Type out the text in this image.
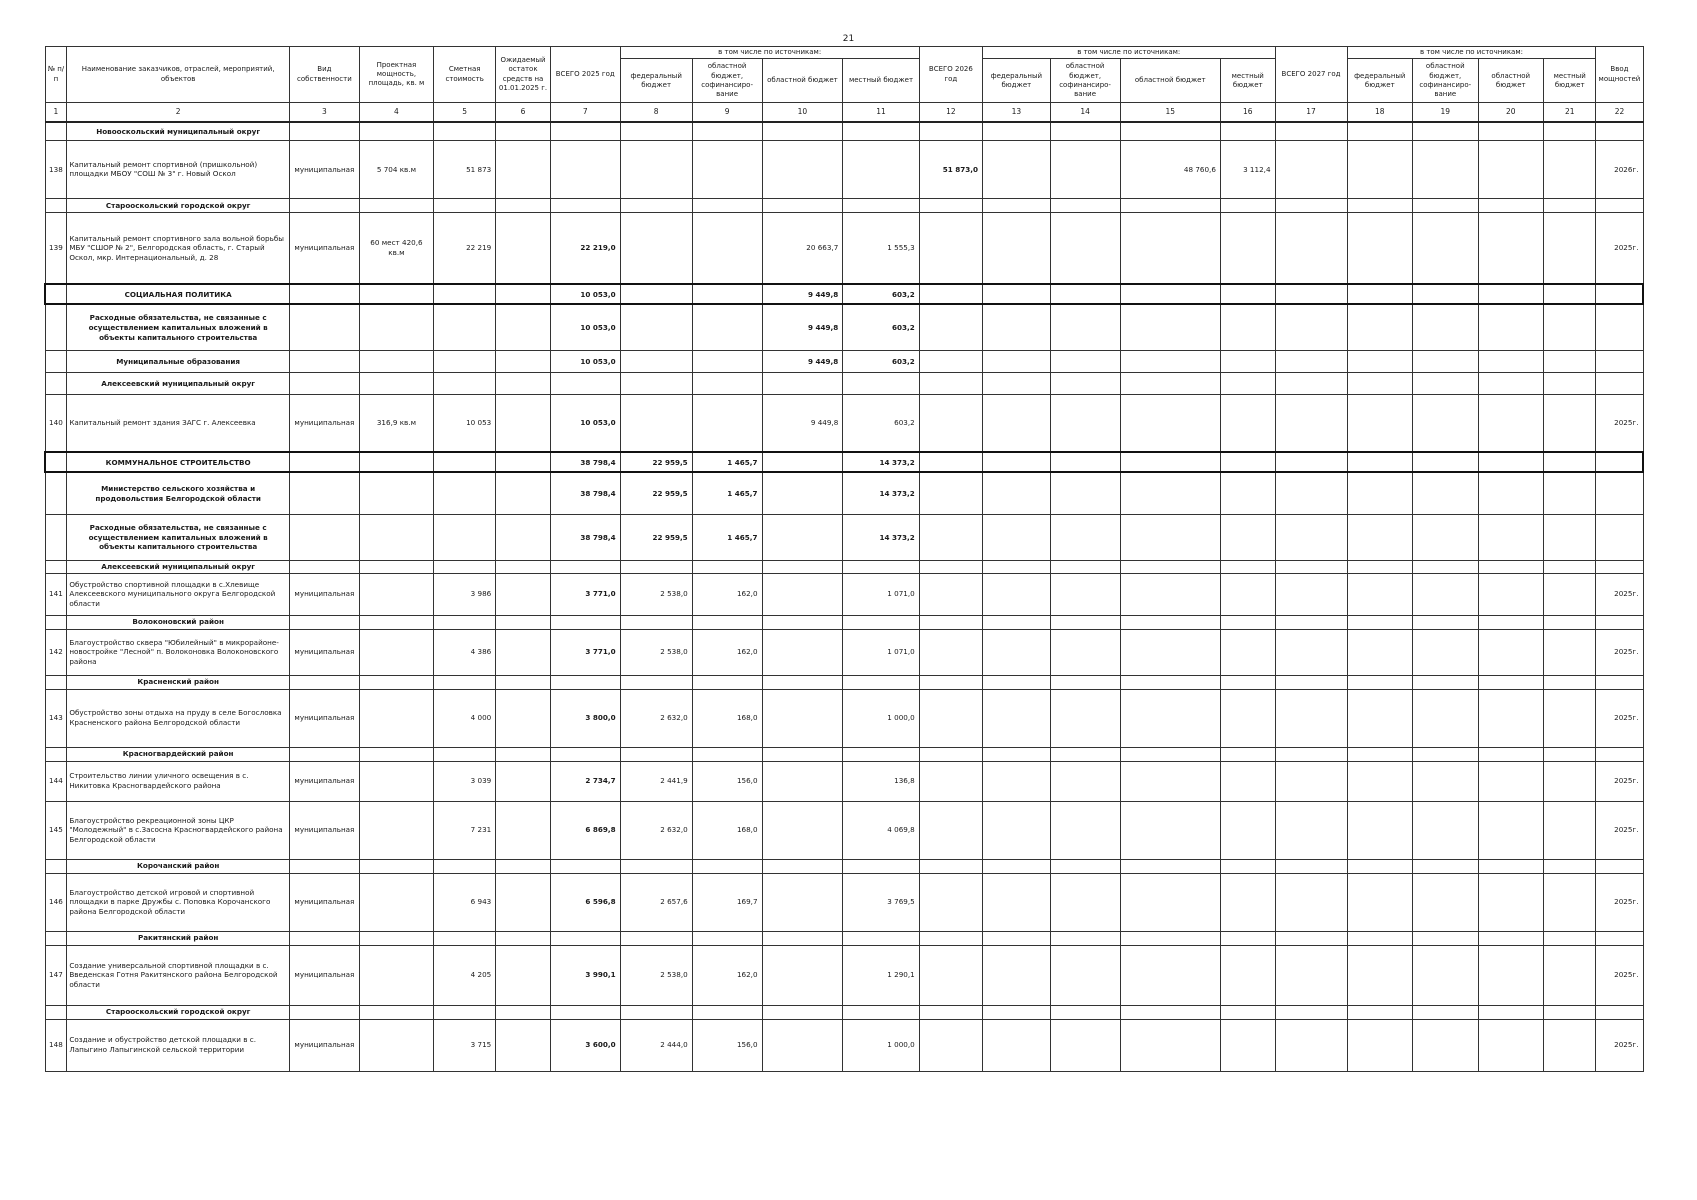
21
№ п/п	Наименование заказчиков, отраслей, мероприятий, объектов	Вид собственности	Проектная мощность, площадь, кв. м	Сметная стоимость	Ожидаемый остаток средств на 01.01.2025 г.	ВСЕГО 2025 год	в том числе по источникам:				ВСЕГО 2026 год	в том числе по источникам:				ВСЕГО 2027 год	в том числе по источникам:				Ввод мощностей
							федеральный бюджет	областной бюджет, софинансиро- вание	областной бюджет	местный бюджет		федеральный бюджет	областной бюджет, софинансиро- вание	областной бюджет	местный бюджет		федеральный бюджет	областной бюджет, софинансиро- вание	областной бюджет	местный бюджет	
1	2	3	4	5	6	7	8	9	10	11	12	13	14	15	16	17	18	19	20	21	22
	Новооскольский муниципальный округ																				
138	Капитальный ремонт спортивной (пришкольной) площадки МБОУ "СОШ № 3" г. Новый Оскол	муниципальная	5 704 кв.м	51 873							51 873,0			48 760,6	3 112,4						2026г.
	Старооскольский городской округ																				
139	Капитальный ремонт спортивного зала вольной борьбы МБУ "СШОР № 2", Белгородская область, г. Старый Оскол, мкр. Интернациональный, д. 28	муниципальная	60 мест 420,6 кв.м	22 219		22 219,0			20 663,7	1 555,3											2025г.
	СОЦИАЛЬНАЯ ПОЛИТИКА					10 053,0			9 449,8	603,2											
	Расходные обязательства, не связанные с осуществлением капитальных вложений в объекты капитального строительства					10 053,0			9 449,8	603,2											
	Муниципальные образования					10 053,0			9 449,8	603,2											
	Алексеевский муниципальный округ																				
140	Капитальный ремонт здания ЗАГС г. Алексеевка	муниципальная	316,9 кв.м	10 053		10 053,0			9 449,8	603,2											2025г.
	КОММУНАЛЬНОЕ СТРОИТЕЛЬСТВО					38 798,4	22 959,5	1 465,7		14 373,2											
	Министерство сельского хозяйства и продовольствия Белгородской области					38 798,4	22 959,5	1 465,7		14 373,2											
	Расходные обязательства, не связанные с осуществлением капитальных вложений в объекты капитального строительства					38 798,4	22 959,5	1 465,7		14 373,2											
	Алексеевский муниципальный округ																				
141	Обустройство спортивной площадки в с.Хлевище Алексеевского муниципального округа Белгородской области	муниципальная		3 986		3 771,0	2 538,0	162,0		1 071,0											2025г.
	Волоконовский район																				
142	Благоустройство сквера "Юбилейный" в микрорайоне-новостройке "Лесной" п. Волоконовка Волоконовского района	муниципальная		4 386		3 771,0	2 538,0	162,0		1 071,0											2025г.
	Красненский район																				
143	Обустройство зоны отдыха на пруду в селе Богословка Красненского района Белгородской области	муниципальная		4 000		3 800,0	2 632,0	168,0		1 000,0											2025г.
	Красногвардейский район																				
144	Строительство линии уличного освещения в с. Никитовка Красногвардейского района	муниципальная		3 039		2 734,7	2 441,9	156,0		136,8											2025г.
145	Благоустройство рекреационной зоны ЦКР "Молодежный" в с.Засосна Красногвардейского района Белгородской области	муниципальная		7 231		6 869,8	2 632,0	168,0		4 069,8											2025г.
	Корочанский район																				
146	Благоустройство детской игровой и спортивной площадки в парке Дружбы с. Поповка Корочанского района Белгородской области	муниципальная		6 943		6 596,8	2 657,6	169,7		3 769,5											2025г.
	Ракитянский район																				
147	Создание универсальной спортивной площадки в с. Введенская Готня Ракитянского района Белгородской области	муниципальная		4 205		3 990,1	2 538,0	162,0		1 290,1											2025г.
	Старооскольский городской округ																				
148	Создание и обустройство детской площадки в с. Лапыгино Лапыгинской сельской территории	муниципальная		3 715		3 600,0	2 444,0	156,0		1 000,0											2025г.
